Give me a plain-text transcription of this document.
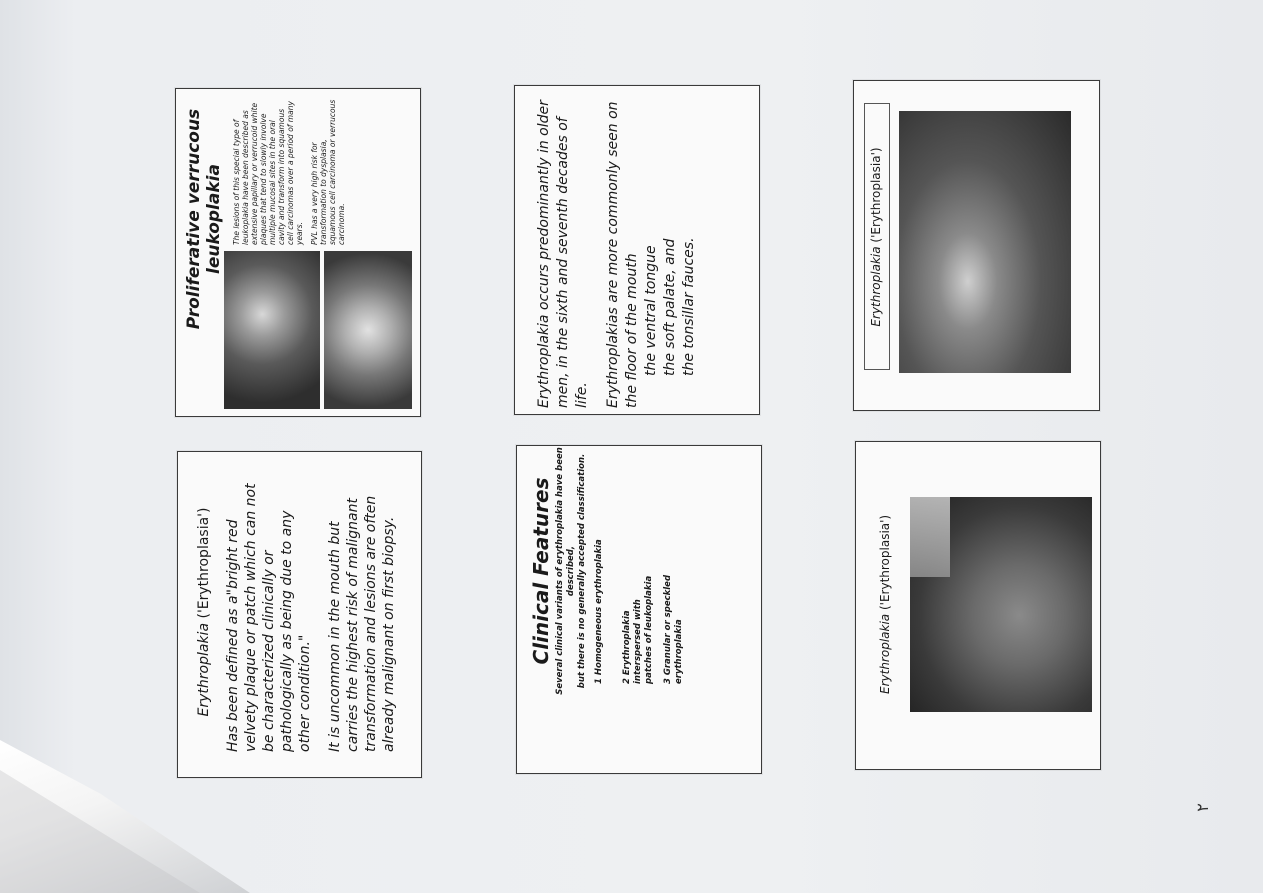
Erythroplakia ('Erythroplasia') Has been defined as a"bright red velvety plaque or patch which can not be characterized clinically or pathologically as being due to any other condition." It is uncommon in the mouth but carries the highest risk of malignant transformation and lesions are often already malignant on first biopsy.
Proliferative verrucous leukoplakia The lesions of this special type of leukoplakia have been described as extensive papillary or verrucoid white plaques that tend to slowly involve multiple mucosal sites in the oral cavity and transform into squamous cell carcinomas over a period of many years. PVL has a very high risk for transformation to dysplasia, squamous cell carcinoma or verrucous carcinoma.
Clinical Features Several clinical variants of erythroplakia have been described, but there is no generally accepted classification. 1 Homogeneous erythroplakia 2 Erythroplakia interspersed with patches of leukoplakia 3 Granular or speckled erythroplakia
Erythroplakia occurs predominantly in older men, in the sixth and seventh decades of life. Erythroplakias are more commonly seen on the floor of the mouth the ventral tongue the soft palate, and the tonsillar fauces.
Erythroplakia ('Erythroplasia')
Erythroplakia ('Erythroplasia')
۲
